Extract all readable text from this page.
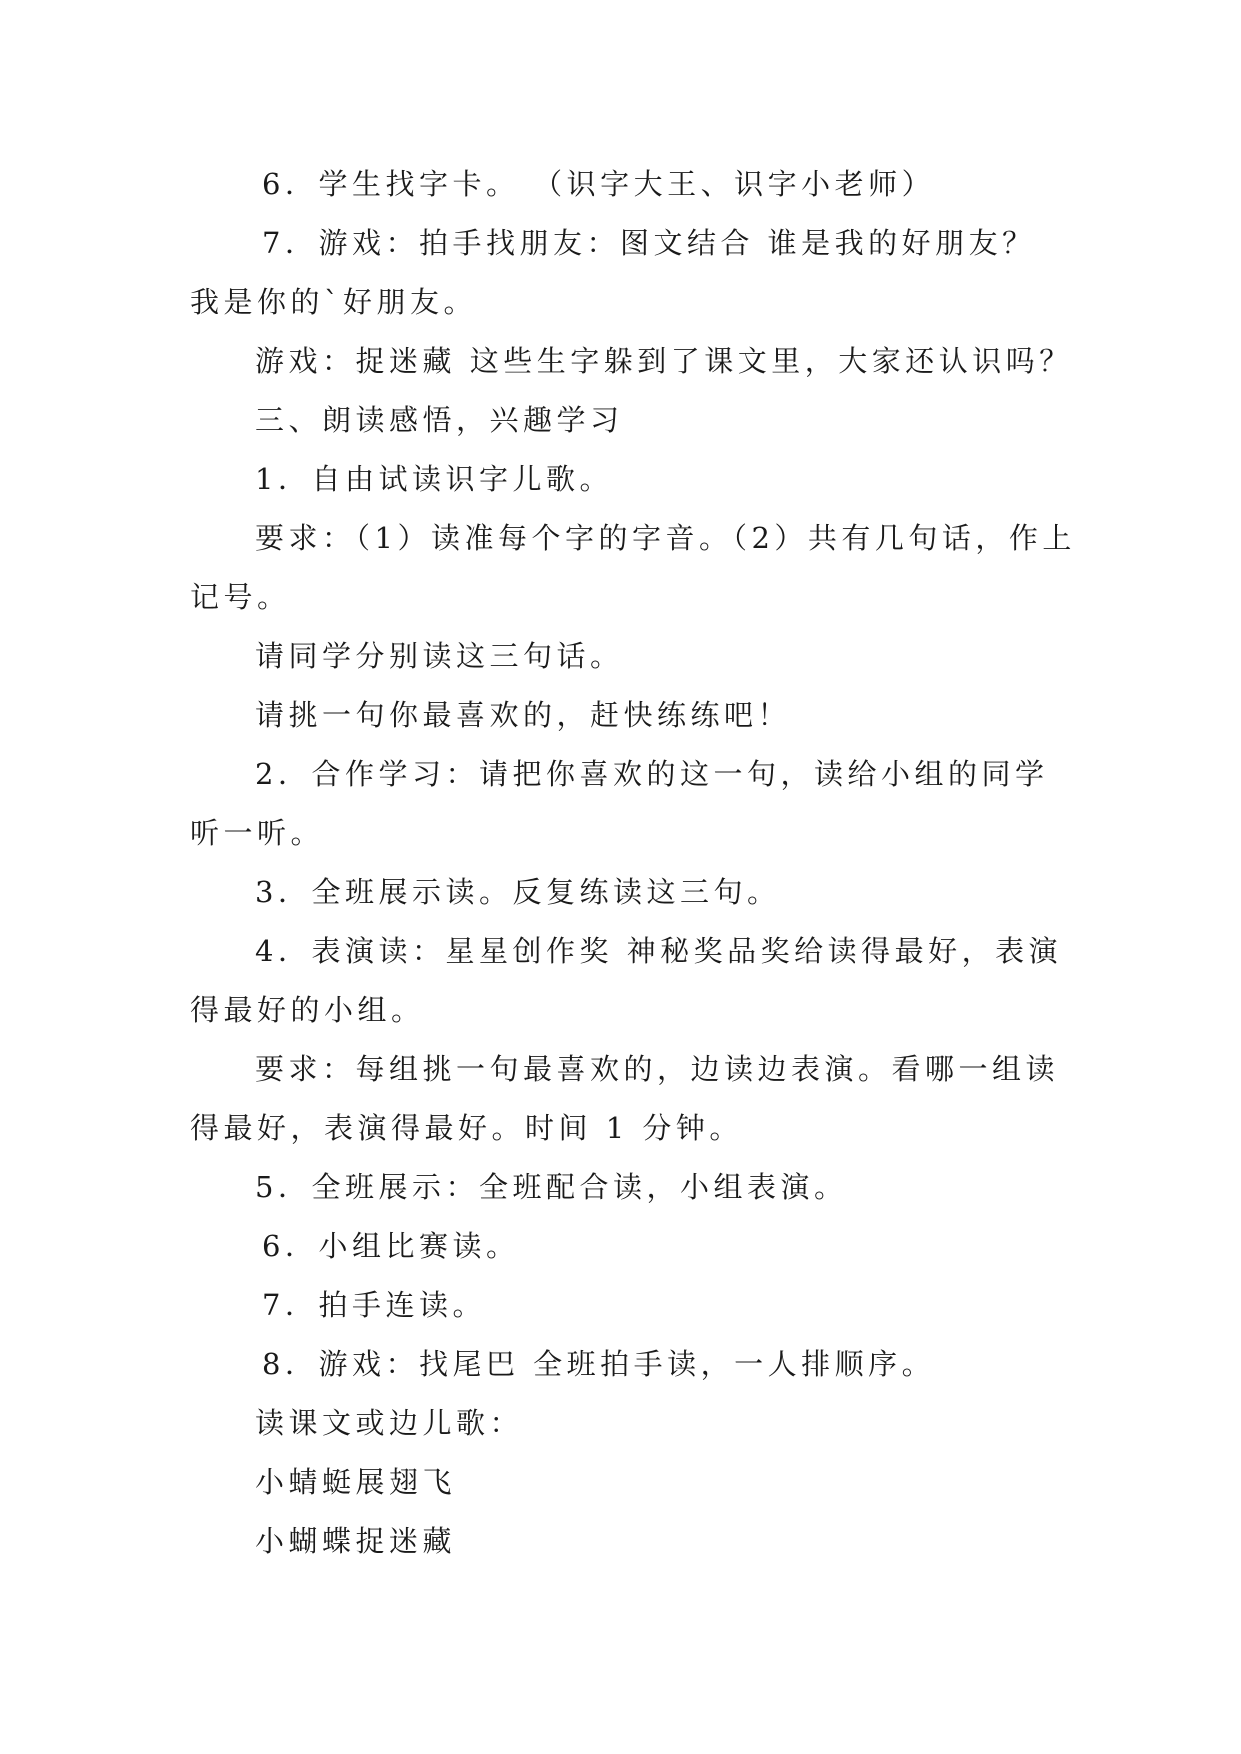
6．学生找字卡。 （识字大王、识字小老师）
7．游戏：拍手找朋友：图文结合 谁是我的好朋友？
我是你的`好朋友。
游戏：捉迷藏 这些生字躲到了课文里，大家还认识吗？
三、朗读感悟，兴趣学习
1．自由试读识字儿歌。
要求：（1）读准每个字的字音。（2）共有几句话，作上
记号。
请同学分别读这三句话。
请挑一句你最喜欢的，赶快练练吧！
2．合作学习：请把你喜欢的这一句，读给小组的同学
听一听。
3．全班展示读。反复练读这三句。
4．表演读：星星创作奖 神秘奖品奖给读得最好，表演
得最好的小组。
要求：每组挑一句最喜欢的，边读边表演。看哪一组读
得最好，表演得最好。时间 1 分钟。
5．全班展示：全班配合读，小组表演。
6．小组比赛读。
7．拍手连读。
8．游戏：找尾巴 全班拍手读，一人排顺序。
读课文或边儿歌：
小蜻蜓展翅飞
小蝴蝶捉迷藏
